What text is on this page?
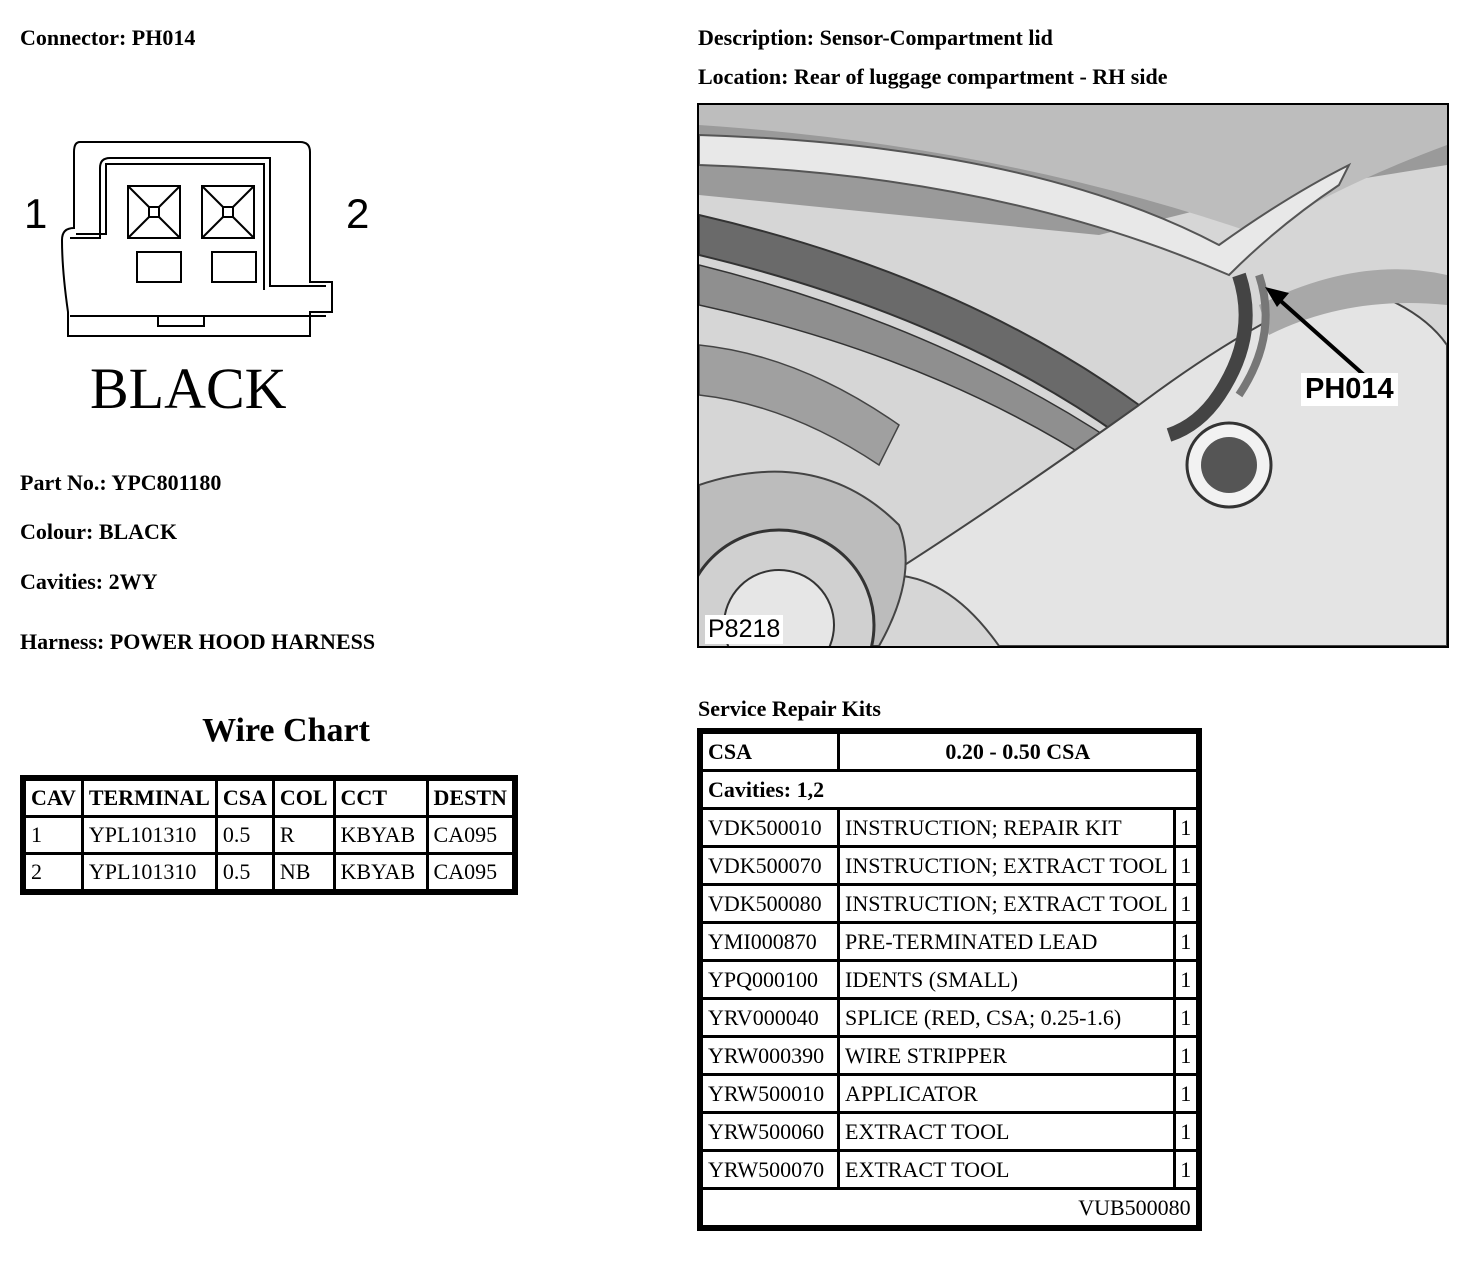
Connector: PH014	Description: Sensor-Compartment lid
Location: Rear of luggage compartment - RH side
1	2
BLACK
Part No.: YPC801180
Colour: BLACK
Cavities: 2WY
Harness: POWER HOOD HARNESS
PH014
P8218
Wire Chart
CAV	TERMINAL	CSA	COL	CCT	DESTN
1	YPL101310	0.5	R	KBYAB	CA095
2	YPL101310	0.5	NB	KBYAB	CA095
Service Repair Kits
CSA	0.20 - 0.50 CSA	
Cavities: 1,2		
VDK500010	INSTRUCTION; REPAIR KIT	1
VDK500070	INSTRUCTION; EXTRACT TOOL	1
VDK500080	INSTRUCTION; EXTRACT TOOL	1
YMI000870	PRE-TERMINATED LEAD	1
YPQ000100	IDENTS (SMALL)	1
YRV000040	SPLICE (RED, CSA; 0.25-1.6)	1
YRW000390	WIRE STRIPPER	1
YRW500010	APPLICATOR	1
YRW500060	EXTRACT TOOL	1
YRW500070	EXTRACT TOOL	1
VUB500080		
